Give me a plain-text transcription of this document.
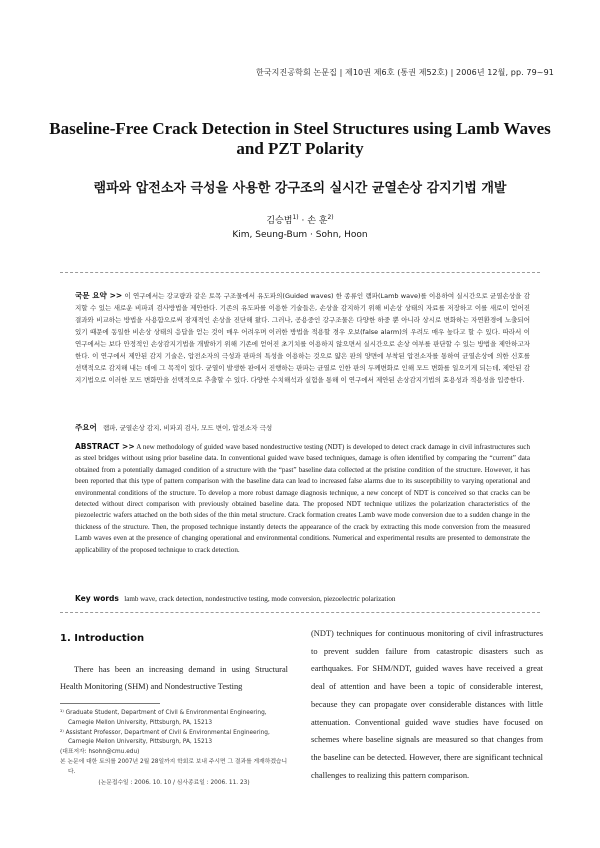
한국지진공학회 논문집 | 제10권 제6호 (통권 제52호) | 2006년 12월, pp. 79~91
Baseline-Free Crack Detection in Steel Structures using Lamb Waves and PZT Polarity
램파와 압전소자 극성을 사용한 강구조의 실시간 균열손상 감지기법 개발
김승범$^{1)}$ · 손 훈$^{2)}$
Kim, Seung-Bum · Sohn, Hoon
국문 요약 >> 이 연구에서는 강교량과 같은 토목 구조물에서 유도파의(Guided waves) 한 종류인 램파(Lamb wave)를 이용하여 실시간으로 균열손상을 감지할 수 있는 새로운 비파괴 검사방법을 제안한다. 기존의 유도파를 이용한 기술들은, 손상을 감지하기 위해 비손상 상태의 자료를 저장하고 이를 새로이 얻어진 결과와 비교하는 방법을 사용함으로써 잠재적인 손상을 진단해 왔다. 그러나, 공용중인 강구조물은 다양한 하중 뿐 아니라 상시로 변화하는 자연환경에 노출되어 있기 때문에 동일한 비손상 상태의 응답을 얻는 것이 매우 어려우며 이러한 방법을 적용할 경우 오보(false alarm)의 우려도 매우 높다고 할 수 있다. 따라서 이 연구에서는 보다 안정적인 손상감지기법을 개발하기 위해 기존에 얻어진 초기치를 이용하지 않으면서 실시간으로 손상 여부를 판단할 수 있는 방법을 제안하고자 한다. 이 연구에서 제안된 감지 기술은, 압전소자의 극성과 판파의 특성을 이용하는 것으로 얇은 판의 양면에 부착된 압전소자를 통하여 균열손상에 의한 신호를 선택적으로 감지해 내는 데에 그 목적이 있다. 균열이 발생한 판에서 진행하는 판파는 균열로 인한 판의 두께변화로 인해 모드 변화를 일으키게 되는데, 제안된 감지기법으로 이러한 모드 변화만을 선택적으로 추출할 수 있다. 다양한 수치해석과 실험을 통해 이 연구에서 제안된 손상감지기법의 효용성과 적용성을 입증한다.
주요어 램파, 균열손상 감지, 비파괴 검사, 모드 변이, 압전소자 극성
ABSTRACT >> A new methodology of guided wave based nondestructive testing (NDT) is developed to detect crack damage in civil infrastructures such as steel bridges without using prior baseline data. In conventional guided wave based techniques, damage is often identified by comparing the “current” data obtained from a potentially damaged condition of a structure with the “past” baseline data collected at the pristine condition of the structure. However, it has been reported that this type of pattern comparison with the baseline data can lead to increased false alarms due to its susceptibility to varying operational and environmental conditions of the structure. To develop a more robust damage diagnosis technique, a new concept of NDT is conceived so that cracks can be detected without direct comparison with previously obtained baseline data. The proposed NDT technique utilizes the polarization characteristics of the piezoelectric wafers attached on the both sides of the thin metal structure. Crack formation creates Lamb wave mode conversion due to a sudden change in the thickness of the structure. Then, the proposed technique instantly detects the appearance of the crack by extracting this mode conversion from the measured Lamb waves even at the presence of changing operational and environmental conditions. Numerical and experimental results are presented to demonstrate the applicability of the proposed technique to crack detection.
Key words lamb wave, crack detection, nondestructive testing, mode conversion, piezoelectric polarization
1. Introduction

There has been an increasing demand in using Structural Health Monitoring (SHM) and Nondestructive Testing

¹⁾ Graduate Student, Department of Civil & Environmental Engineering, Carnegie Mellon University, Pittsburgh, PA, 15213

²⁾ Assistant Professor, Department of Civil & Environmental Engineering, Carnegie Mellon University, Pittsburgh, PA, 15213

(대표저자: hsohn@cmu.edu)

본 논문에 대한 토의를 2007년 2월 28일까지 학회로 보내 주시면 그 결과를 게재하겠습니다.

(논문접수일 : 2006. 10. 10 / 심사종료일 : 2006. 11. 23)

(NDT) techniques for continuous monitoring of civil infrastructures to prevent sudden failure from catastropic disasters such as earthquakes. For SHM/NDT, guided waves have received a great deal of attention and have been a topic of considerable interest, because they can propagate over considerable distances with little attenuation. Conventional guided wave studies have focused on schemes where baseline signals are measured so that changes from the baseline can be detected. However, there are significant technical challenges to realizing this pattern comparison.
